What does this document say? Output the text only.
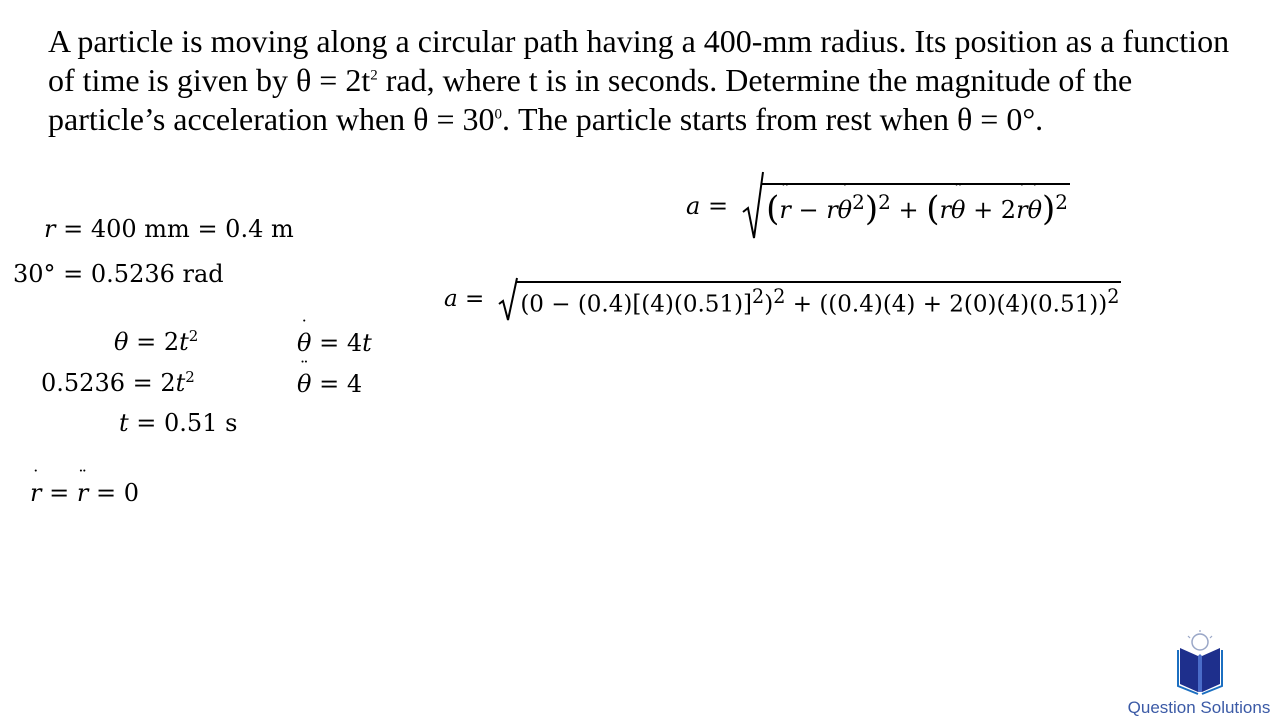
A particle is moving along a circular path having a 400-mm radius. Its position as a function of time is given by $\theta = 2t^2$ rad, where t is in seconds. Determine the magnitude of the particle’s acceleration when $\theta = 30^0$. The particle starts from rest when θ = 0°.

r = 400 mm = 0.4 m
30° = 0.5236 rad
$\theta = 2t^2$
$0.5236 = 2t^2$
t = 0.51 s
θ ˙ = 4t
θ ¨ = 4
r ˙ = r ¨ = 0
a = (r ¨ − rθ ˙$^2$)$^2$ + (rθ ¨ + 2r ˙θ ˙)$^2$
$a = (0 - (0.4)[(4)(0.51)]^2)^2 + ((0.4)(4) + 2(0)(4)(0.51))^2$
Question Solutions
